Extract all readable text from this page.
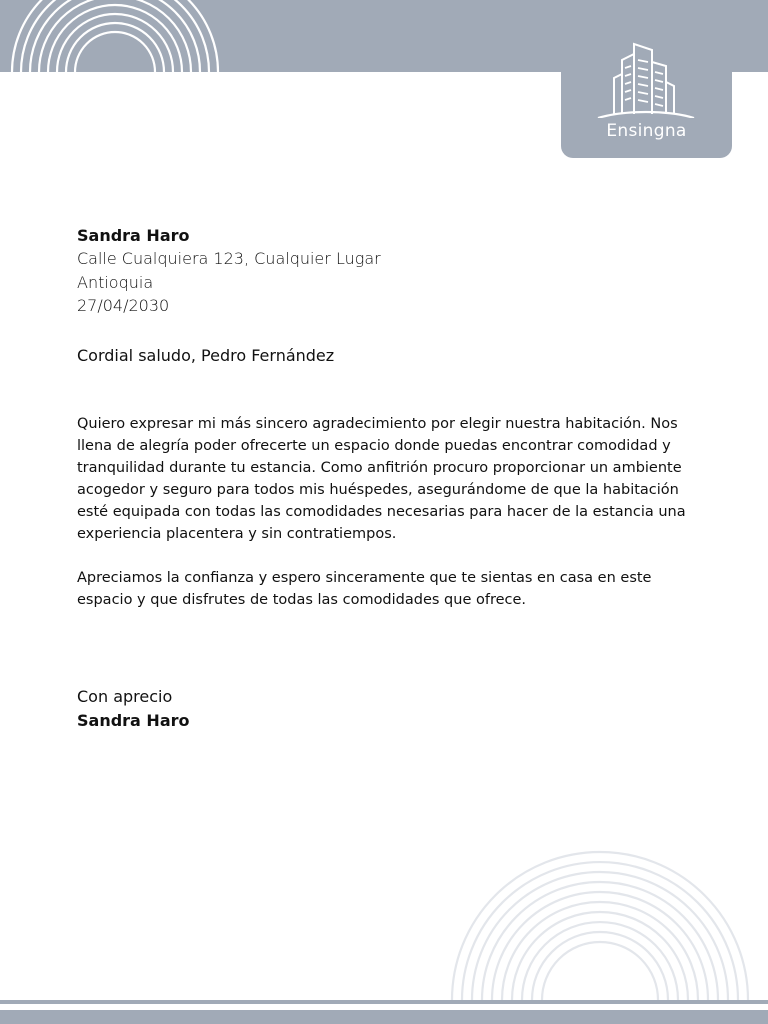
Ensingna

Sandra Haro

Calle Cualquiera 123, Cualquier Lugar

Antioquia

27/04/2030

Cordial saludo, Pedro Fernández

Quiero expresar mi más sincero agradecimiento por elegir nuestra habitación. Nos llena de alegría poder ofrecerte un espacio donde puedas encontrar comodidad y tranquilidad durante tu estancia. Como anfitrión procuro proporcionar un ambiente acogedor y seguro para todos mis huéspedes, asegurándome de que la habitación esté equipada con todas las comodidades necesarias para hacer de la estancia una experiencia placentera y sin contratiempos.

Apreciamos la confianza y espero sinceramente que te sientas en casa en este espacio y que disfrutes de todas las comodidades que ofrece.

Con aprecio

Sandra Haro
